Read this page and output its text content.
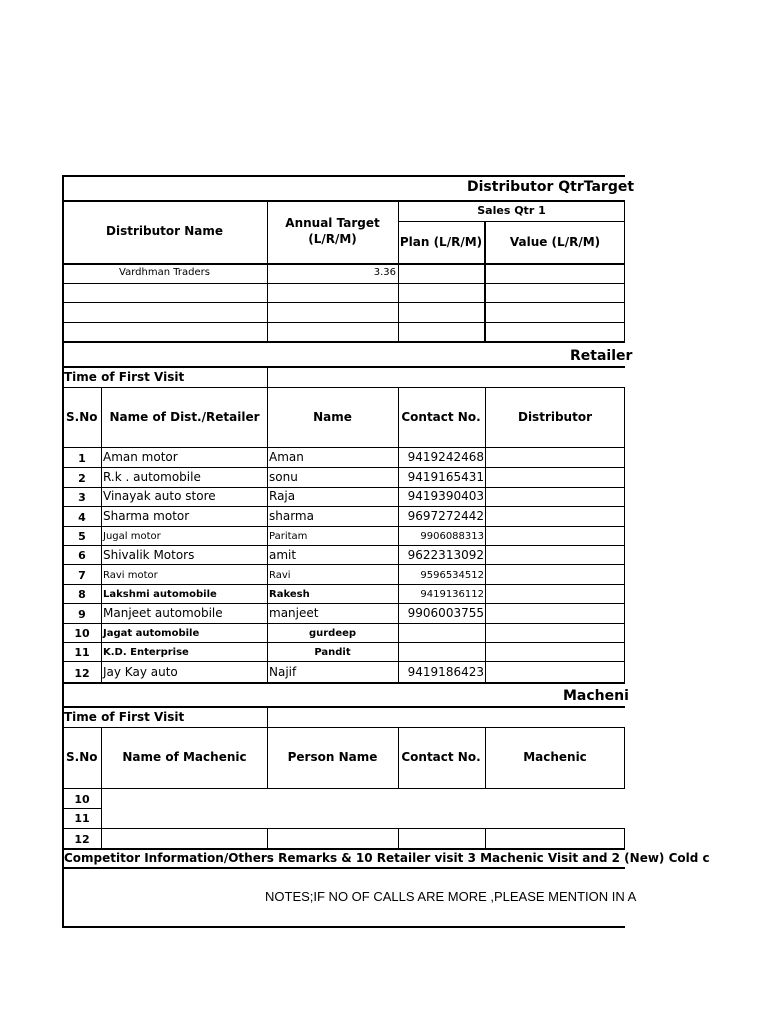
Distributor QtrTarget
Distributor Name
Annual Target
(L/R/M)
Sales Qtr 1
Plan (L/R/M)	Value (L/R/M)
Vardhman Traders	3.36
Retailer
Time of First Visit
S.No	Name of Dist./Retailer	Name	Contact No.	Distributor
1	Aman motor	Aman	9419242468
2	R.k . automobile	sonu	9419165431
3	Vinayak auto store	Raja	9419390403
4	Sharma motor	sharma	9697272442
5	Jugal motor	Paritam	9906088313
6	Shivalik Motors	amit	9622313092
7	Ravi motor	Ravi	9596534512
8	Lakshmi automobile	Rakesh	9419136112
9	Manjeet automobile	manjeet	9906003755
10	Jagat automobile	gurdeep
11	K.D. Enterprise	Pandit
12	Jay Kay auto	Najif	9419186423
Macheni
Time of First Visit
S.No	Name of Machenic	Person Name	Contact No.	Machenic
10
11
12
Competitor Information/Others Remarks & 10 Retailer visit 3 Machenic Visit and 2 (New) Cold c
NOTES;IF NO OF CALLS ARE MORE ,PLEASE MENTION IN A
